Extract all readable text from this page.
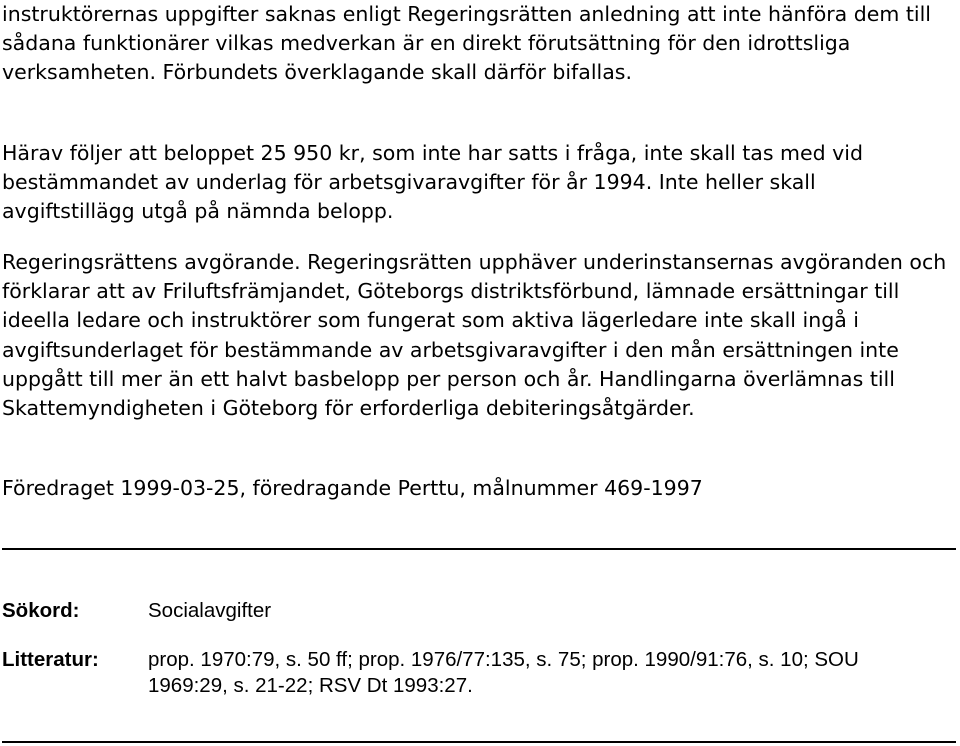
instruktörernas uppgifter saknas enligt Regeringsrätten anledning att inte hänföra dem till sådana funktionärer vilkas medverkan är en direkt förutsättning för den idrottsliga verksamheten. Förbundets överklagande skall därför bifallas.

Härav följer att beloppet 25 950 kr, som inte har satts i fråga, inte skall tas med vid bestämmandet av underlag för arbetsgivaravgifter för år 1994. Inte heller skall avgiftstillägg utgå på nämnda belopp.

Regeringsrättens avgörande. Regeringsrätten upphäver underinstansernas avgöranden och förklarar att av Friluftsfrämjandet, Göteborgs distriktsförbund, lämnade ersättningar till ideella ledare och instruktörer som fungerat som aktiva lägerledare inte skall ingå i avgiftsunderlaget för bestämmande av arbetsgivaravgifter i den mån ersättningen inte uppgått till mer än ett halvt basbelopp per person och år. Handlingarna överlämnas till Skattemyndigheten i Göteborg för erforderliga debiteringsåtgärder.

Föredraget 1999-03-25, föredragande Perttu, målnummer 469-1997

Sökord:	Socialavgifter
Litteratur: prop. 1970:79, s. 50 ff; prop. 1976/77:135, s. 75; prop. 1990/91:76, s. 10; SOU 1969:29, s. 21-22; RSV Dt 1993:27.
